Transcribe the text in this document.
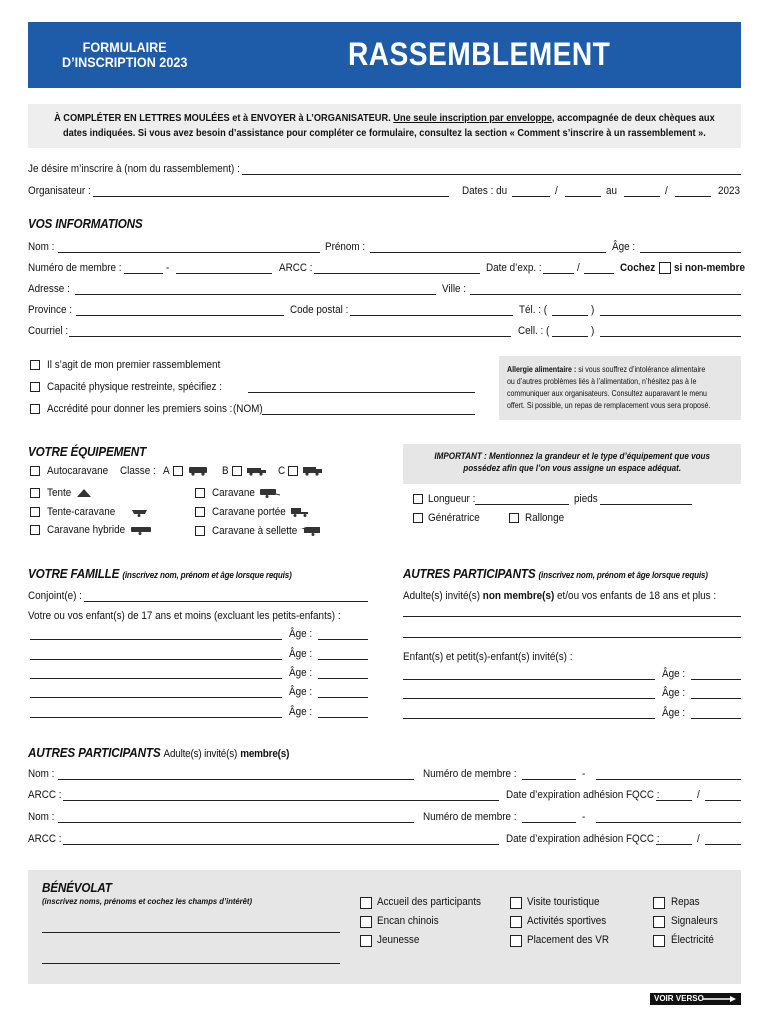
FORMULAIRE
D’INSCRIPTION 2023	RASSEMBLEMENT

À COMPLÉTER EN LETTRES MOULÉES et à ENVOYER à L’ORGANISATEUR. Une seule inscription par enveloppe, accompagnée de deux chèques aux
dates indiquées. Si vous avez besoin d’assistance pour compléter ce formulaire, consultez la section « Comment s’inscrire à un rassemblement ».

Je désire m’inscrire à (nom du rassemblement) :
Organisateur :	Dates : du	/	au	/	2023
VOS INFORMATIONS
Nom :	Prénom :	Âge :
Numéro de membre :	-	ARCC :	Date d’exp. :	/	Cochez si non-membre
Adresse :	Ville :
Province :	Code postal :	Tél. : (	)
Courriel :	Cell. : (	)
Il s’agit de mon premier rassemblement
Capacité physique restreinte, spécifiez :
Accrédité pour donner les premiers soins : (NOM)
Allergie alimentaire : si vous souffrez d’intolérance alimentaire
ou d’autres problèmes liés à l’alimentation, n’hésitez pas à le
communiquer aux organisateurs. Consultez auparavant le menu
offert. Si possible, un repas de remplacement vous sera proposé.
VOTRE ÉQUIPEMENT	IMPORTANT : Mentionnez la grandeur et le type d’équipement que vous
possédez afin que l’on vous assigne un espace adéquat.
Autocaravane Classe : A	B	C
Tente
Tente-caravane
Caravane hybride
Caravane
Caravane portée
Caravane à sellette
Longueur :	pieds
Génératrice	Rallonge
VOTRE FAMILLE (inscrivez nom, prénom et âge lorsque requis)
Conjoint(e) :
Votre ou vos enfant(s) de 17 ans et moins (excluant les petits-enfants) :
Âge :
Âge :
Âge :
Âge :
Âge :
AUTRES PARTICIPANTS (inscrivez nom, prénom et âge lorsque requis)
Adulte(s) invité(s) non membre(s) et/ou vos enfants de 18 ans et plus :
Enfant(s) et petit(s)-enfant(s) invité(s) :
Âge :
Âge :
Âge :
AUTRES PARTICIPANTS Adulte(s) invité(s) membre(s)
Nom :	Numéro de membre :	-
ARCC :	Date d’expiration adhésion FQCC :	/
Nom :	Numéro de membre :	-
ARCC :	Date d’expiration adhésion FQCC :	/
BÉNÉVOLAT
(inscrivez noms, prénoms et cochez les champs d’intérêt)	Accueil des participants
Encan chinois
Jeunesse
Visite touristique
Activités sportives
Placement des VR
Repas
Signaleurs
Électricité
VOIR VERSO
